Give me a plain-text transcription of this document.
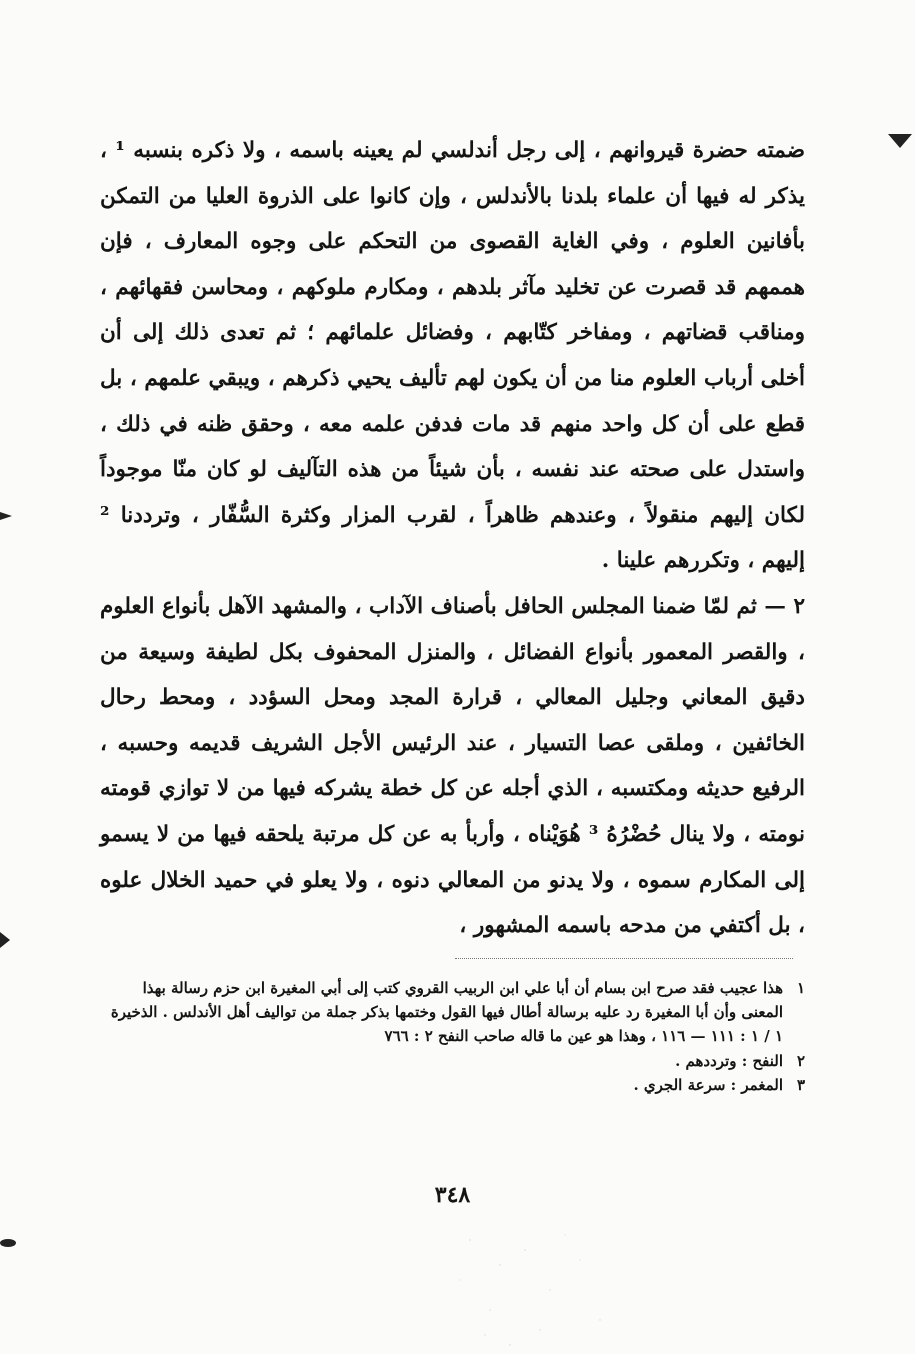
ضمته حضرة قيروانهم ، إلى رجل أندلسي لم يعينه باسمه ، ولا ذكره بنسبه ¹ ، يذكر له فيها أن علماء بلدنا بالأندلس ، وإن كانوا على الذروة العليا من التمكن بأفانين العلوم ، وفي الغاية القصوى من التحكم على وجوه المعارف ، فإن هممهم قد قصرت عن تخليد مآثر بلدهم ، ومكارم ملوكهم ، ومحاسن فقهائهم ، ومناقب قضاتهم ، ومفاخر كتّابهم ، وفضائل علمائهم ؛ ثم تعدى ذلك إلى أن أخلى أرباب العلوم منا من أن يكون لهم تأليف يحيي ذكرهم ، ويبقي علمهم ، بل قطع على أن كل واحد منهم قد مات فدفن علمه معه ، وحقق ظنه في ذلك ، واستدل على صحته عند نفسه ، بأن شيئاً من هذه التآليف لو كان منّا موجوداً لكان إليهم منقولاً ، وعندهم ظاهراً ، لقرب المزار وكثرة السُّفّار ، وترددنا ² إليهم ، وتكررهم علينا .

٢ — ثم لمّا ضمنا المجلس الحافل بأصناف الآداب ، والمشهد الآهل بأنواع العلوم ، والقصر المعمور بأنواع الفضائل ، والمنزل المحفوف بكل لطيفة وسيعة من دقيق المعاني وجليل المعالي ، قرارة المجد ومحل السؤدد ، ومحط رحال الخائفين ، وملقى عصا التسيار ، عند الرئيس الأجل الشريف قديمه وحسبه ، الرفيع حديثه ومكتسبه ، الذي أجله عن كل خطة يشركه فيها من لا توازي قومته نومته ، ولا ينال حُضْرُهُ ³ هُوَيْناه ، وأربأ به عن كل مرتبة يلحقه فيها من لا يسمو إلى المكارم سموه ، ولا يدنو من المعالي دنوه ، ولا يعلو في حميد الخلال علوه ، بل أكتفي من مدحه باسمه المشهور ،

١
هذا عجيب فقد صرح ابن بسام أن أبا علي ابن الربيب القروي كتب إلى أبي المغيرة ابن حزم رسالة بهذا المعنى وأن أبا المغيرة رد عليه برسالة أطال فيها القول وختمها بذكر جملة من تواليف أهل الأندلس . الذخيرة ١ / ١ : ١١١ — ١١٦ ، وهذا هو عين ما قاله صاحب النفح ٢ : ٧٦٦
٢
النفح : وترددهم .
٣
المغمر : سرعة الجري .
٣٤٨
